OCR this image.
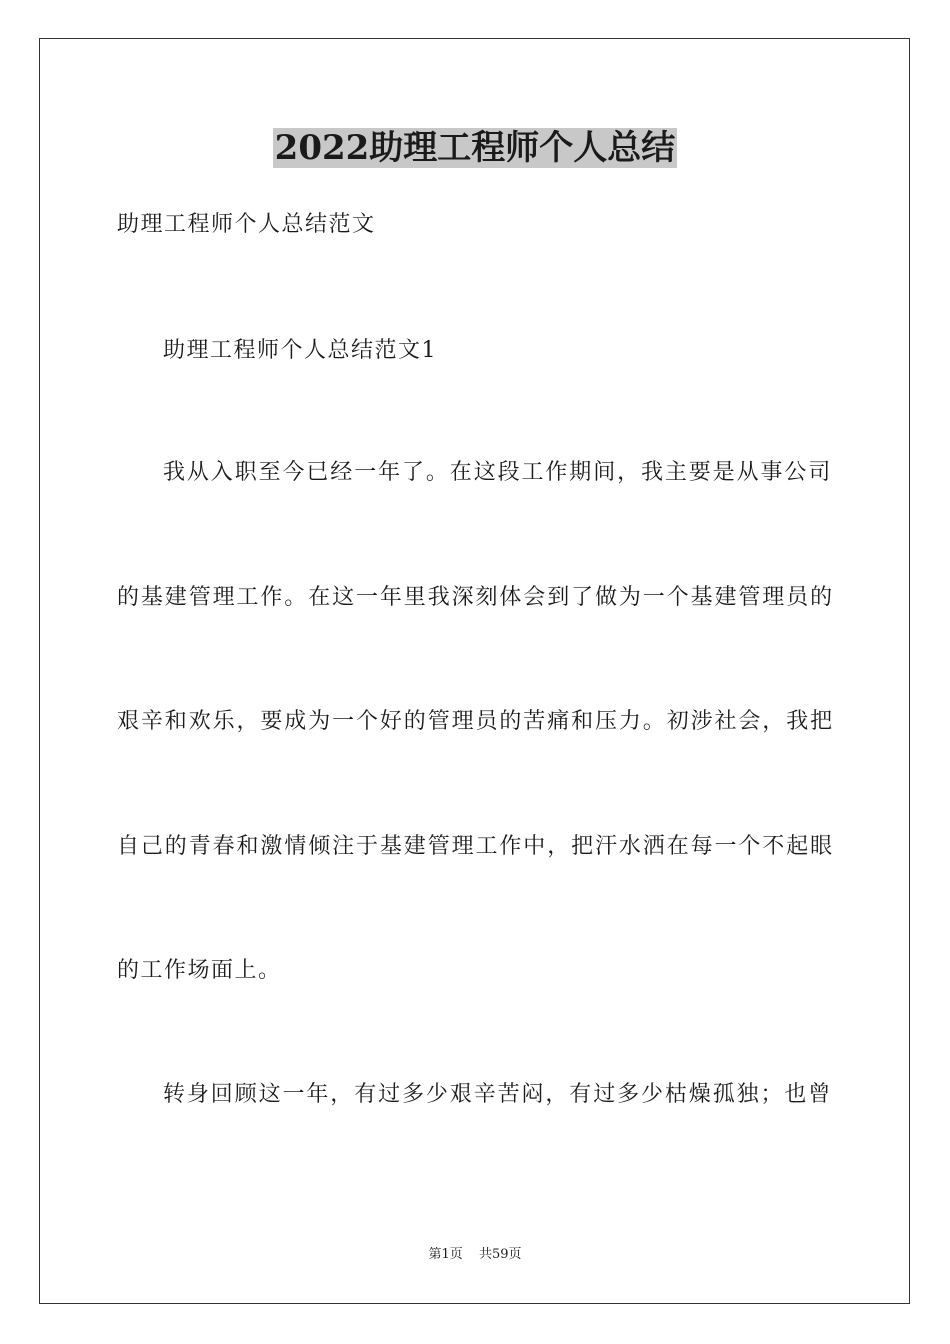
2022助理工程师个人总结
助理工程师个人总结范文
助理工程师个人总结范文1
我从入职至今已经一年了。在这段工作期间，我主要是从事公司
的基建管理工作。在这一年里我深刻体会到了做为一个基建管理员的
艰辛和欢乐，要成为一个好的管理员的苦痛和压力。初涉社会，我把
自己的青春和激情倾注于基建管理工作中，把汗水洒在每一个不起眼
的工作场面上。
转身回顾这一年，有过多少艰辛苦闷，有过多少枯燥孤独；也曾
第1页 共59页
